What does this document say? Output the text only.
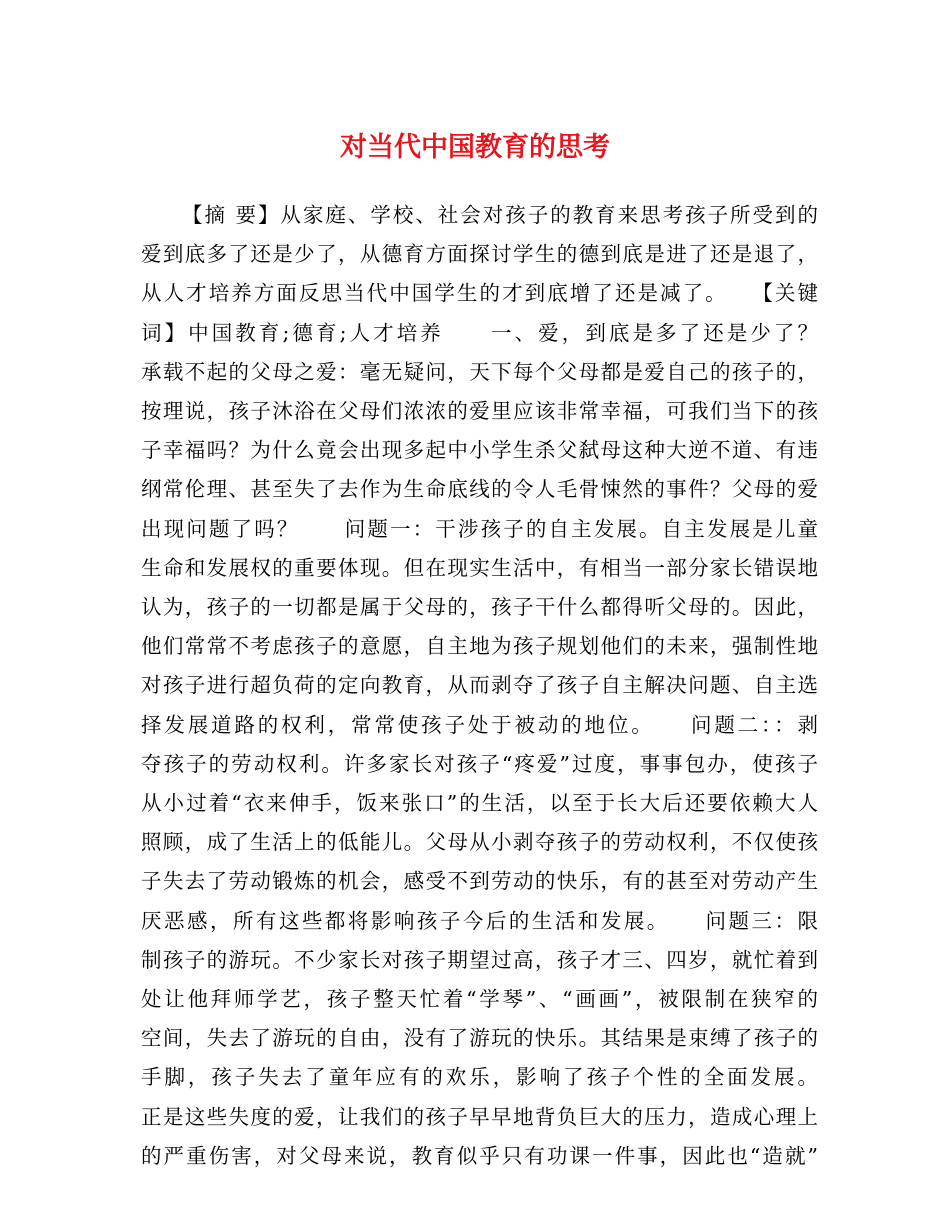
对当代中国教育的思考
【摘 要】从家庭、学校、社会对孩子的教育来思考孩子所受到的
爱到底多了还是少了，从德育方面探讨学生的德到底是进了还是退了，
从人才培养方面反思当代中国学生的才到底增了还是减了。　　【关键
词】中国教育;德育;人才培养　　一、爱，到底是多了还是少了？
承载不起的父母之爱：毫无疑问，天下每个父母都是爱自己的孩子的，
按理说，孩子沐浴在父母们浓浓的爱里应该非常幸福，可我们当下的孩
子幸福吗？为什么竟会出现多起中小学生杀父弑母这种大逆不道、有违
纲常伦理、甚至失了去作为生命底线的令人毛骨悚然的事件？父母的爱
出现问题了吗？　　问题一：干涉孩子的自主发展。自主发展是儿童
生命和发展权的重要体现。但在现实生活中，有相当一部分家长错误地
认为，孩子的一切都是属于父母的，孩子干什么都得听父母的。因此，
他们常常不考虑孩子的意愿，自主地为孩子规划他们的未来，强制性地
对孩子进行超负荷的定向教育，从而剥夺了孩子自主解决问题、自主选
择发展道路的权利，常常使孩子处于被动的地位。　　问题二：：剥
夺孩子的劳动权利。许多家长对孩子“疼爱”过度，事事包办，使孩子
从小过着“衣来伸手，饭来张口”的生活，以至于长大后还要依赖大人
照顾，成了生活上的低能儿。父母从小剥夺孩子的劳动权利，不仅使孩
子失去了劳动锻炼的机会，感受不到劳动的快乐，有的甚至对劳动产生
厌恶感，所有这些都将影响孩子今后的生活和发展。　　问题三：限
制孩子的游玩。不少家长对孩子期望过高，孩子才三、四岁，就忙着到
处让他拜师学艺，孩子整天忙着“学琴”、“画画”，被限制在狭窄的
空间，失去了游玩的自由，没有了游玩的快乐。其结果是束缚了孩子的
手脚，孩子失去了童年应有的欢乐，影响了孩子个性的全面发展。
正是这些失度的爱，让我们的孩子早早地背负巨大的压力，造成心理上
的严重伤害，对父母来说，教育似乎只有功课一件事，因此也“造就”
